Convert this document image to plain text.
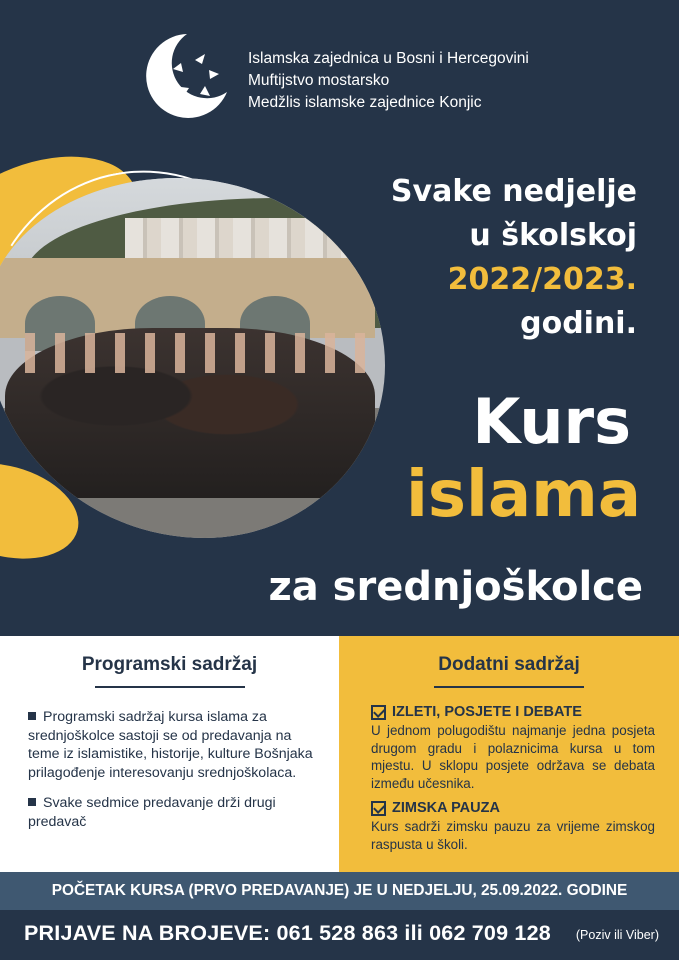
Islamska zajednica u Bosni i Hercegovini
Muftijstvo mostarsko
Medžlis islamske zajednice Konjic
Svake nedjelje
u školskoj
2022/2023.
godini.
Kurs
islama
za srednjoškolce
Programski sadržaj

Programski sadržaj kursa islama za srednjoškolce sastoji se od predavanja na teme iz islamistike, historije, kulture Bošnjaka prilagođenje interesovanju srednjoškolaca.

Svake sedmice predavanje drži drugi predavač

Dodatni sadržaj
IZLETI, POSJETE I DEBATE
U jednom polugodištu najmanje jedna posjeta drugom gradu i polaznicima kursa u tom mjestu. U sklopu posjete održava se debata između učesnika.
ZIMSKA PAUZA
Kurs sadrži zimsku pauzu za vrijeme zimskog raspusta u školi.
POČETAK KURSA (PRVO PREDAVANJE) JE U NEDJELJU, 25.09.2022. GODINE
PRIJAVE NA BROJEVE: 061 528 863 ili 062 709 128 (Poziv ili Viber)
